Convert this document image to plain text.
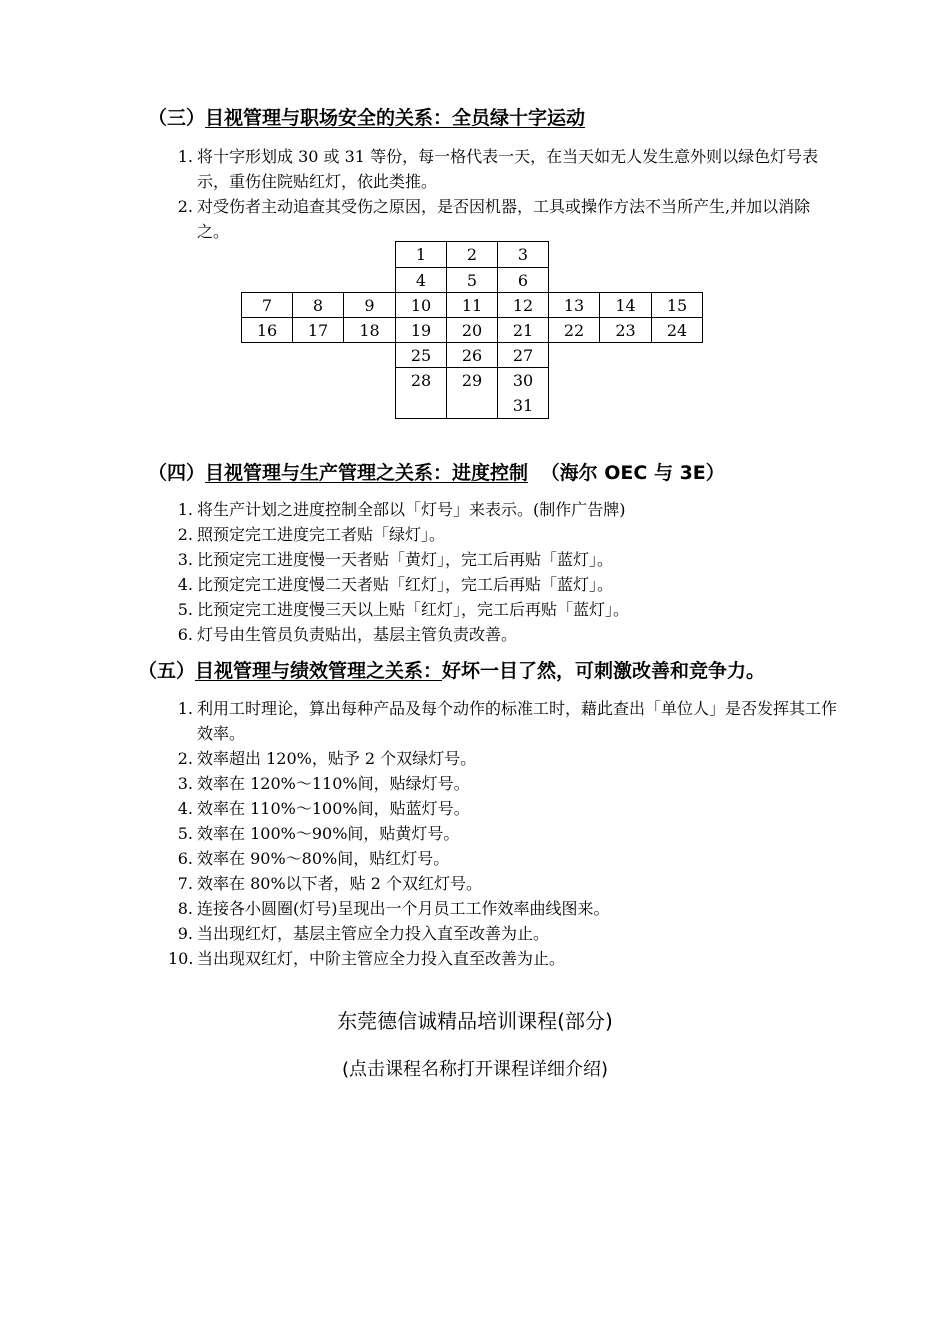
（三）目视管理与职场安全的关系：全员绿十字运动
1. 将十字形划成 30 或 31 等份，每一格代表一天，在当天如无人发生意外则以绿色灯号表示，重伤住院贴红灯，依此类推。
2. 对受伤者主动追查其受伤之原因，是否因机器，工具或操作方法不当所产生,并加以消除之。
1	2	3
4	5	6
7	8	9	10	11	12	13	14	15
16	17	18	19	20	21	22	23	24
25	26	27
28	29	30
31
（四）目视管理与生产管理之关系：进度控制 （海尔 OEC 与 3E）
1. 将生产计划之进度控制全部以「灯号」来表示。(制作广告牌)
2. 照预定完工进度完工者贴「绿灯」。
3. 比预定完工进度慢一天者贴「黄灯」，完工后再贴「蓝灯」。
4. 比预定完工进度慢二天者贴「红灯」，完工后再贴「蓝灯」。
5. 比预定完工进度慢三天以上贴「红灯」，完工后再贴「蓝灯」。
6. 灯号由生管员负责贴出，基层主管负责改善。
（五）目视管理与绩效管理之关系：好坏一目了然，可刺激改善和竞争力。
1. 利用工时理论，算出每种产品及每个动作的标准工时，藉此查出「单位人」是否发挥其工作效率。
2. 效率超出 120%，贴予 2 个双绿灯号。
3. 效率在 120%～110%间，贴绿灯号。
4. 效率在 110%～100%间，贴蓝灯号。
5. 效率在 100%～90%间，贴黄灯号。
6. 效率在 90%～80%间，贴红灯号。
7. 效率在 80%以下者，贴 2 个双红灯号。
8. 连接各小圆圈(灯号)呈现出一个月员工工作效率曲线图来。
9. 当出现红灯，基层主管应全力投入直至改善为止。
10. 当出现双红灯，中阶主管应全力投入直至改善为止。
东莞德信诚精品培训课程(部分)
(点击课程名称打开课程详细介绍)
